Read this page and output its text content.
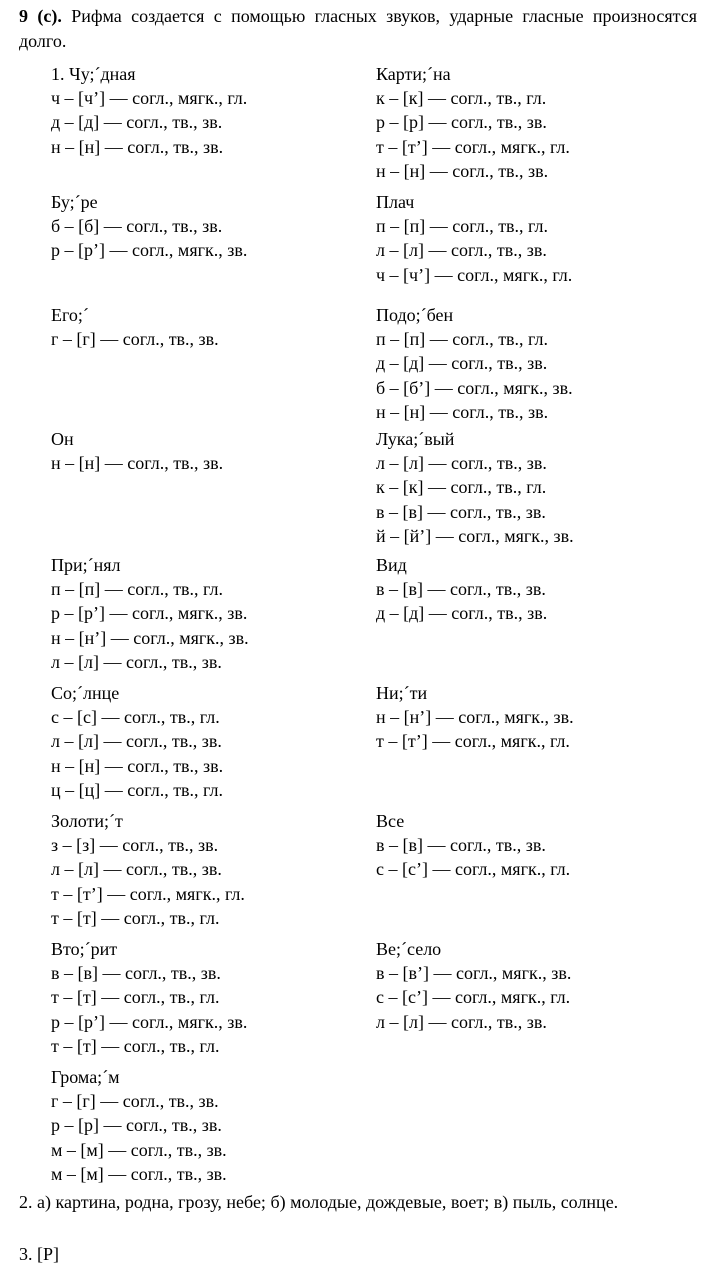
9 (с). Рифма создается с помощью гласных звуков, ударные гласные произносятся долго.
1. Чу;´дная
ч – [ч’] — согл., мягк., гл.
д – [д] — согл., тв., зв.
н – [н] — согл., тв., зв.
Бу;´ре
б – [б] — согл., тв., зв.
р – [р’] — согл., мягк., зв.
Его;´
г – [г] — согл., тв., зв.
Он
н – [н] — согл., тв., зв.
При;´нял
п – [п] — согл., тв., гл.
р – [р’] — согл., мягк., зв.
н – [н’] — согл., мягк., зв.
л – [л] — согл., тв., зв.
Со;´лнце
с – [с] — согл., тв., гл.
л – [л] — согл., тв., зв.
н – [н] — согл., тв., зв.
ц – [ц] — согл., тв., гл.
Золоти;´т
з – [з] — согл., тв., зв.
л – [л] — согл., тв., зв.
т – [т’] — согл., мягк., гл.
т – [т] — согл., тв., гл.
Вто;´рит
в – [в] — согл., тв., зв.
т – [т] — согл., тв., гл.
р – [р’] — согл., мягк., зв.
т – [т] — согл., тв., гл.
Грома;´м
г – [г] — согл., тв., зв.
р – [р] — согл., тв., зв.
м – [м] — согл., тв., зв.
м – [м] — согл., тв., зв.
Карти;´на
к – [к] — согл., тв., гл.
р – [р] — согл., тв., зв.
т – [т’] — согл., мягк., гл.
н – [н] — согл., тв., зв.
Плач
п – [п] — согл., тв., гл.
л – [л] — согл., тв., зв.
ч – [ч’] — согл., мягк., гл.
Подо;´бен
п – [п] — согл., тв., гл.
д – [д] — согл., тв., зв.
б – [б’] — согл., мягк., зв.
н – [н] — согл., тв., зв.
Лука;´вый
л – [л] — согл., тв., зв.
к – [к] — согл., тв., гл.
в – [в] — согл., тв., зв.
й – [й’] — согл., мягк., зв.
Вид
в – [в] — согл., тв., зв.
д – [д] — согл., тв., зв.
Ни;´ти
н – [н’] — согл., мягк., зв.
т – [т’] — согл., мягк., гл.
Все
в – [в] — согл., тв., зв.
с – [с’] — согл., мягк., гл.
Ве;´село
в – [в’] — согл., мягк., зв.
с – [с’] — согл., мягк., гл.
л – [л] — согл., тв., зв.
2. а) картина, родна, грозу, небе; б) молодые, дождевые, воет; в) пыль, солнце.
3. [Р]
